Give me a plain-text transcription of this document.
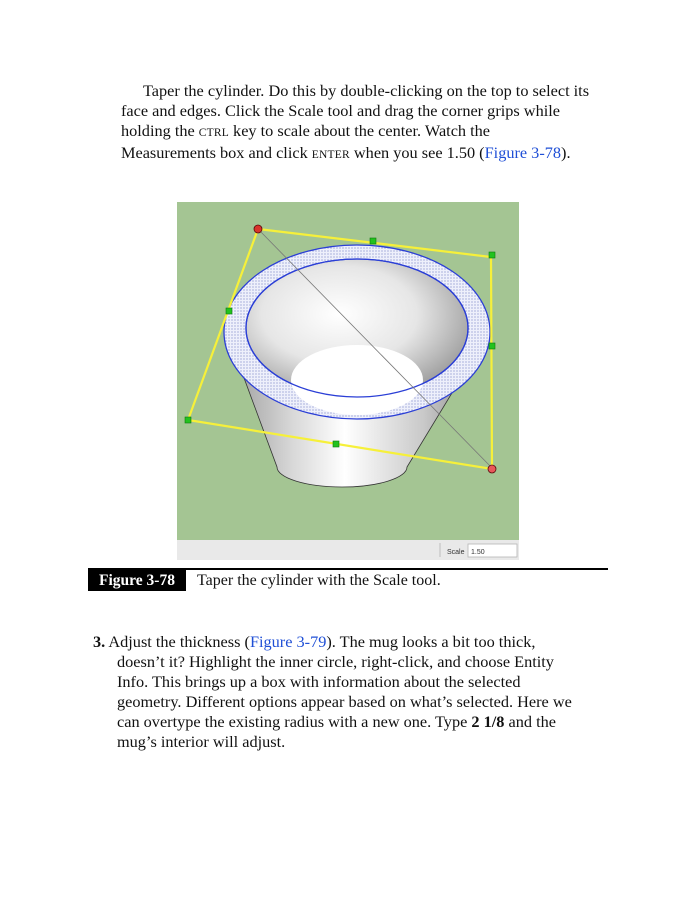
Taper the cylinder. Do this by double-clicking on the top to select its
face and edges. Click the Scale tool and drag the corner grips while
holding the CTRL key to scale about the center. Watch the
Measurements box and click ENTER when you see 1.50 (Figure 3-78).
Scale 1.50
Figure 3-78	Taper the cylinder with the Scale tool.
3. Adjust the thickness (Figure 3-79). The mug looks a bit too thick,
doesn’t it? Highlight the inner circle, right-click, and choose Entity
Info. This brings up a box with information about the selected
geometry. Different options appear based on what’s selected. Here we
can overtype the existing radius with a new one. Type 2 1/8 and the
mug’s interior will adjust.
